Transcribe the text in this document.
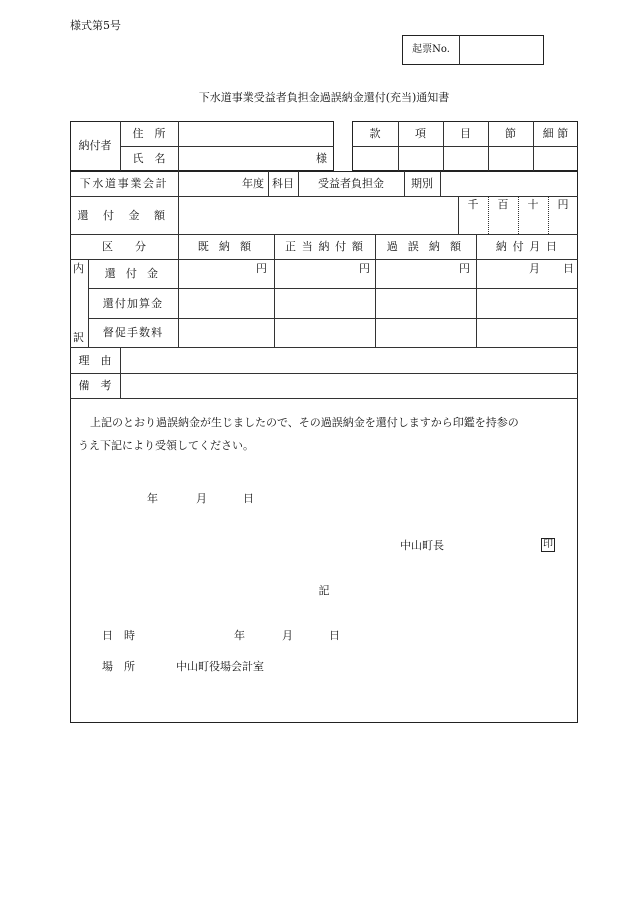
様式第5号
起票No.
下水道事業受益者負担金過誤納金還付(充当)通知書
納付者
住　所
氏　名	様
款	項	目	節	細 節
下水道事業会計	年度 科目	受益者負担金	期別
還 付 金 額
千	百	十	円
区　　分	既 納 額	正 当 納 付 額	過 誤 納 額	納 付 月 日
内
訳
還 付 金	円	円	円	月 日
還付加算金
督促手数料
理　由
備　考
上記のとおり過誤納金が生じましたので、その過誤納金を還付しますから印鑑を持参の
うえ下記により受領してください。
年	月	日
中山町長	印
記
日　時	年	月	日
場　所	中山町役場会計室
